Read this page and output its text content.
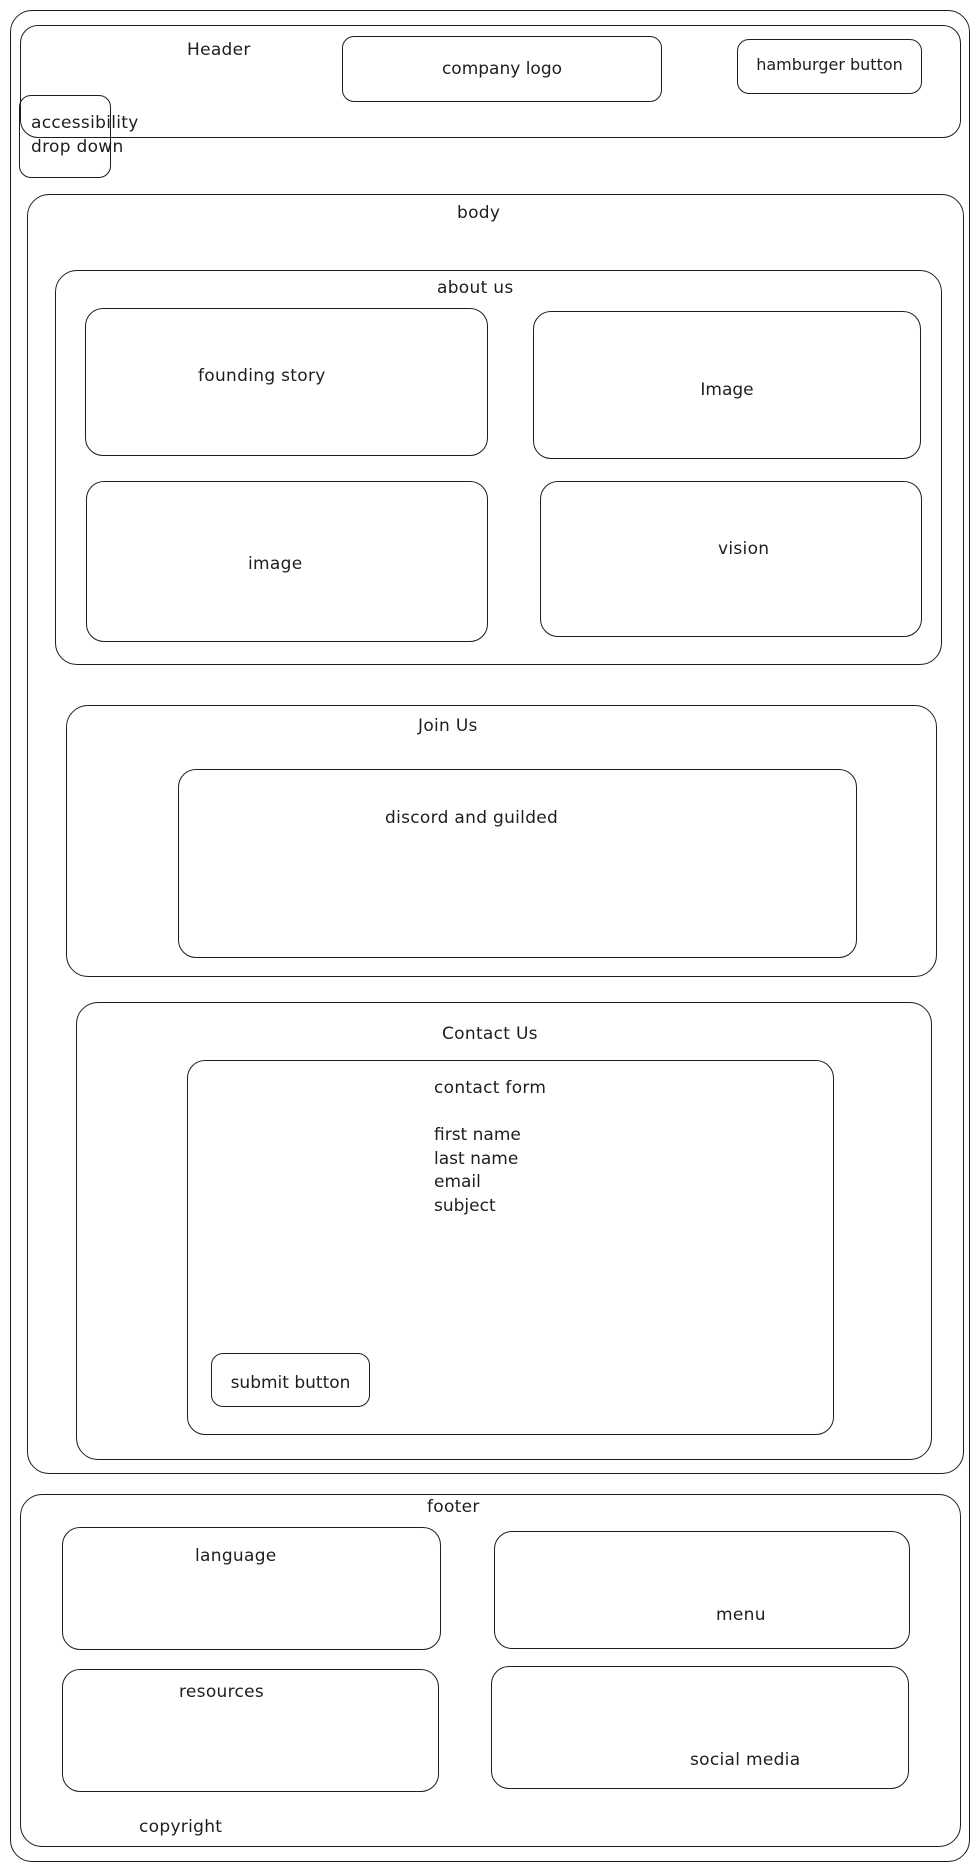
Header
company logo	hamburger button
accessibility
drop down
body
about us
founding story
Image
image
vision
Join Us
discord and guilded
Contact Us
contact form
first name
last name
email
subject
submit button
footer
language
menu
resources
social media
copyright
